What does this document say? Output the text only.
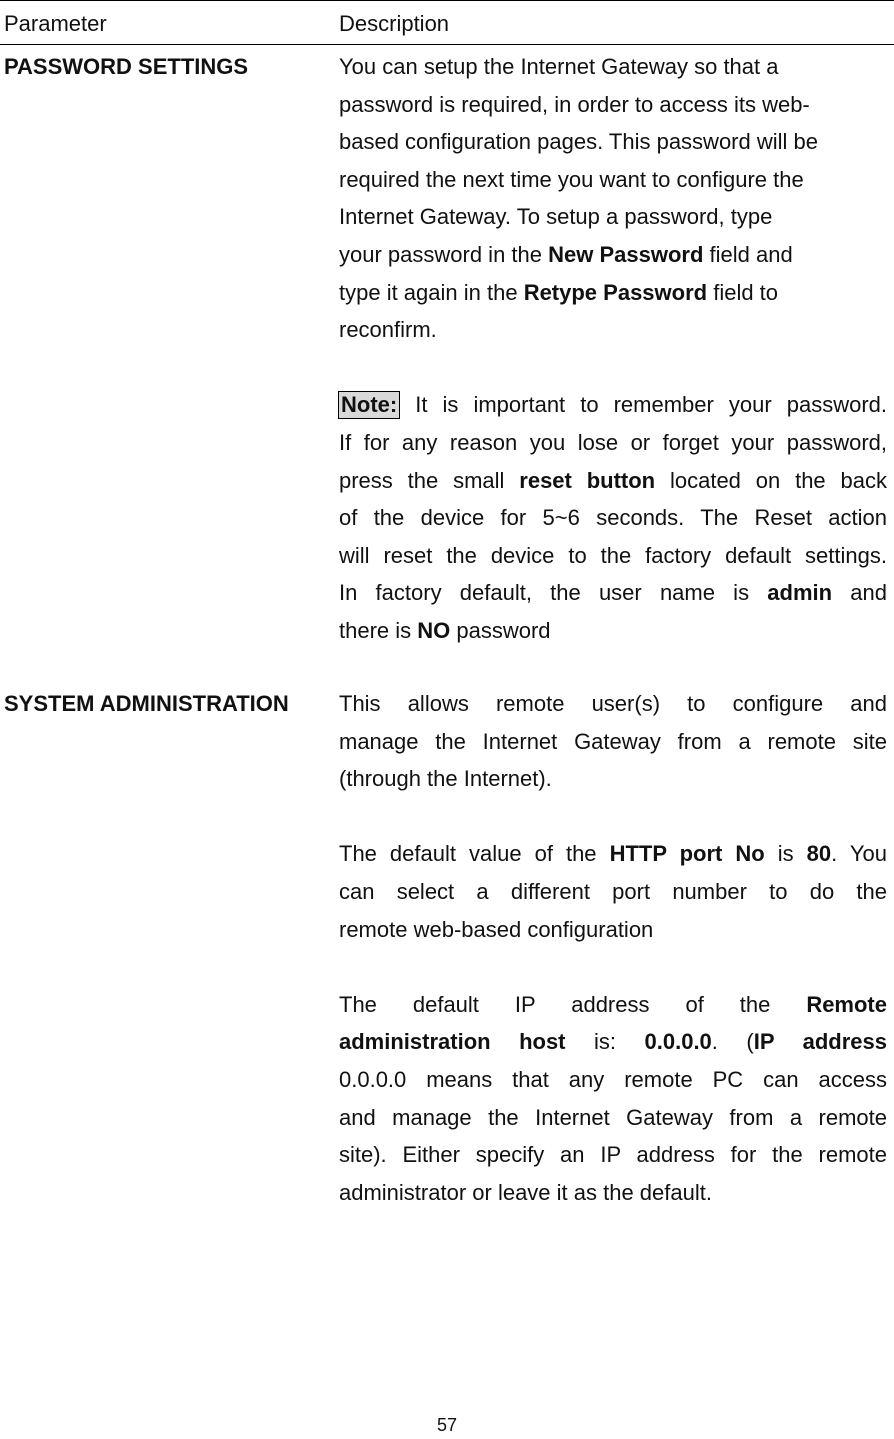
Parameter	Description
PASSWORD SETTINGS	You can setup the Internet Gateway so that a
password is required, in order to access its web-
based configuration pages. This password will be
required the next time you want to configure the
Internet Gateway. To setup a password, type
your password in the New Password field and
type it again in the Retype Password field to
reconfirm.
Note: It is important to remember your password.
If for any reason you lose or forget your password,
press the small reset button located on the back
of the device for 5~6 seconds. The Reset action
will reset the device to the factory default settings.
In factory default, the user name is admin and
there is NO password
SYSTEM ADMINISTRATION This allows remote user(s) to configure and
manage the Internet Gateway from a remote site
(through the Internet).
The default value of the HTTP port No is 80. You
can select a different port number to do the
remote web-based configuration
The default IP address of the Remote
administration host is: 0.0.0.0. (IP address
0.0.0.0 means that any remote PC can access
and manage the Internet Gateway from a remote
site). Either specify an IP address for the remote
administrator or leave it as the default.
57
